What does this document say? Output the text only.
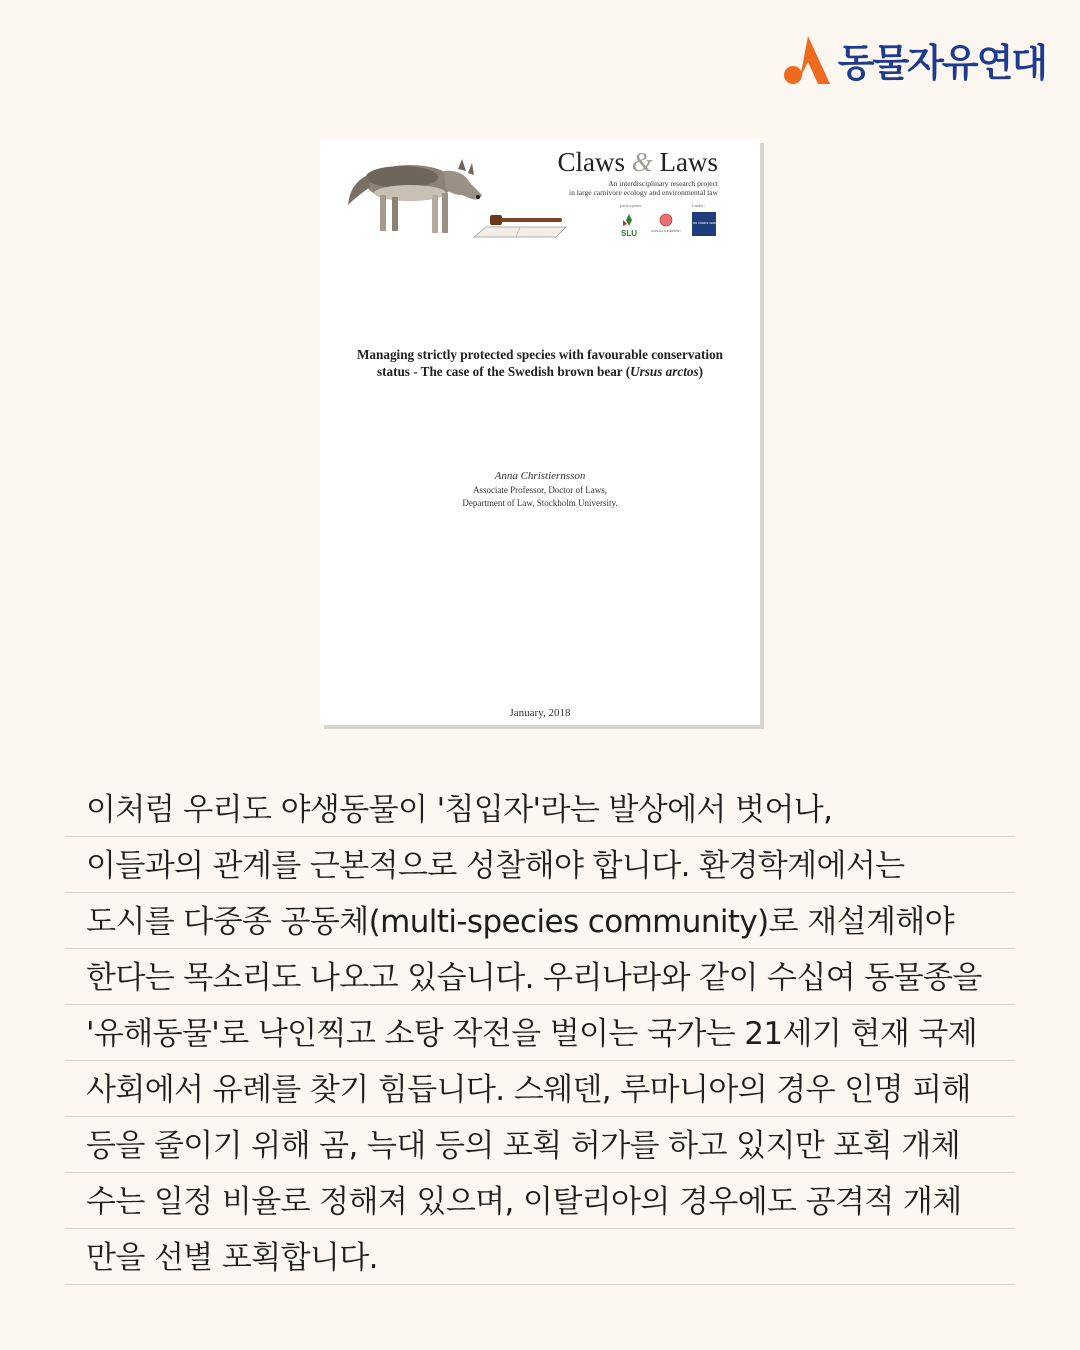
동물자유연대
Claws & Laws
An interdisciplinary research project
in large carnivore ecology and environmental law
participants:	funder:
SLU	UPPSALA UNIVERSITET
NATUR VÅRDS VERKET
Managing strictly protected species with favourable conservation
status - The case of the Swedish brown bear (Ursus arctos)
Anna Christiernsson
Associate Professor, Doctor of Laws,
Department of Law, Stockholm University.
January, 2018
이처럼 우리도 야생동물이 '침입자'라는 발상에서 벗어나,
이들과의 관계를 근본적으로 성찰해야 합니다. 환경학계에서는
도시를 다중종 공동체(multi-species community)로 재설계해야
한다는 목소리도 나오고 있습니다. 우리나라와 같이 수십여 동물종을
'유해동물'로 낙인찍고 소탕 작전을 벌이는 국가는 21세기 현재 국제
사회에서 유례를 찾기 힘듭니다. 스웨덴, 루마니아의 경우 인명 피해
등을 줄이기 위해 곰, 늑대 등의 포획 허가를 하고 있지만 포획 개체
수는 일정 비율로 정해져 있으며, 이탈리아의 경우에도 공격적 개체
만을 선별 포획합니다.
